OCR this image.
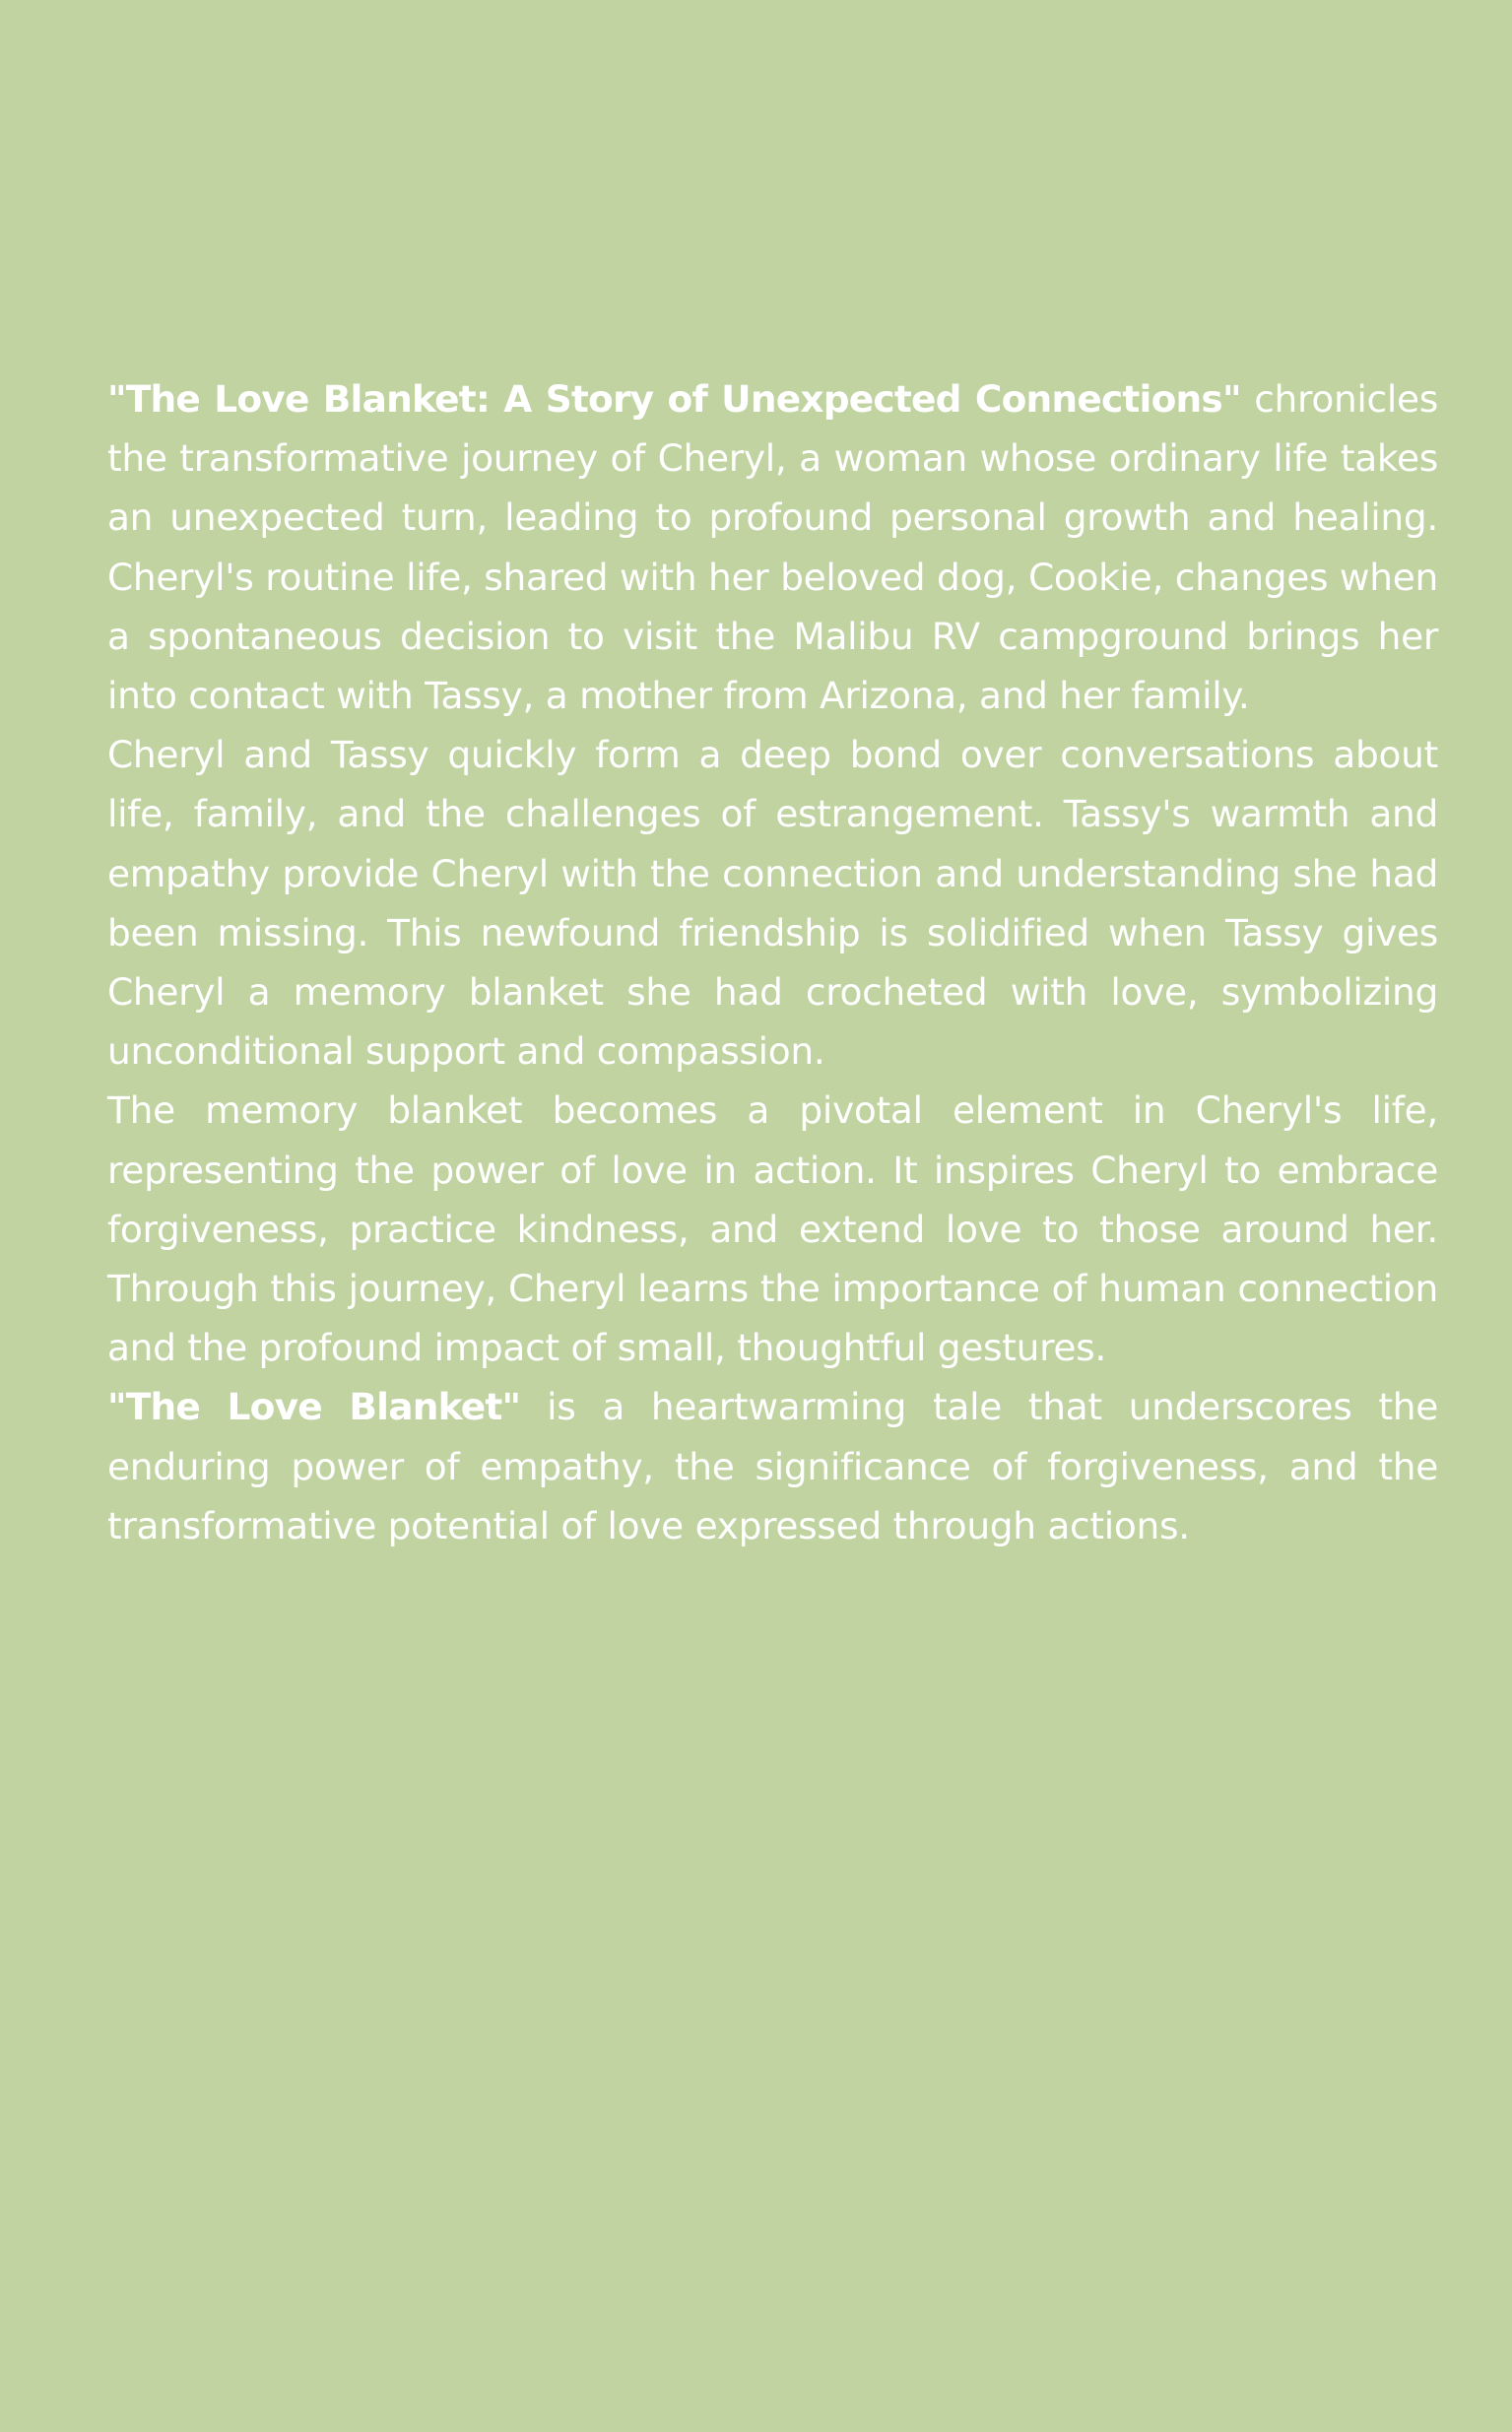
"The Love Blanket: A Story of Unexpected Connections" chronicles the transformative journey of Cheryl, a woman whose ordinary life takes an unexpected turn, leading to profound personal growth and healing. Cheryl's routine life, shared with her beloved dog, Cookie, changes when a spontaneous decision to visit the Malibu RV campground brings her into contact with Tassy, a mother from Arizona, and her family.

Cheryl and Tassy quickly form a deep bond over conversations about life, family, and the challenges of estrangement. Tassy's warmth and empathy provide Cheryl with the connection and understanding she had been missing. This newfound friendship is solidified when Tassy gives Cheryl a memory blanket she had crocheted with love, symbolizing unconditional support and compassion.

The memory blanket becomes a pivotal element in Cheryl's life, representing the power of love in action. It inspires Cheryl to embrace forgiveness, practice kindness, and extend love to those around her. Through this journey, Cheryl learns the importance of human connection and the profound impact of small, thoughtful gestures.

"The Love Blanket" is a heartwarming tale that underscores the enduring power of empathy, the significance of forgiveness, and the transformative potential of love expressed through actions.
